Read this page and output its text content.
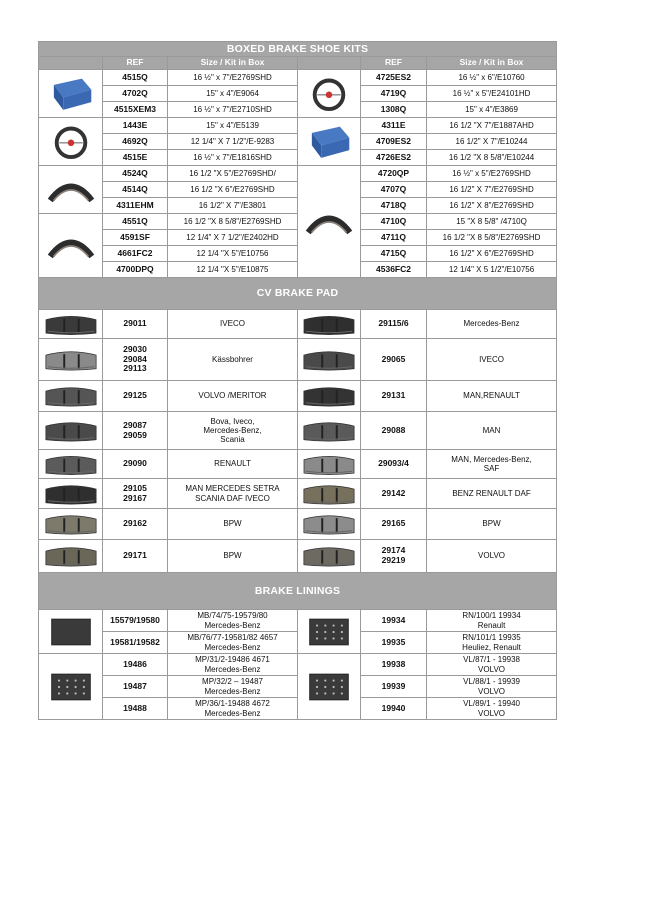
BOXED BRAKE SHOE KITS					
	REF	Size / Kit in Box		REF	Size / Kit in Box

	4515Q	16 ½" x 7"/E2769SHD		4725ES2	16 ½" x 6"/E10760
	4702Q	15" x 4"/E9064		4719Q	16 ½" x 5"/E24101HD
	4515XEM3	16 ½" x 7"/E2710SHD		1308Q	15" x 4"/E3869

	1443E	15" x 4"/E5139		4311E	16 1/2 "X 7"/E1887AHD
	4692Q	12 1/4" X 7 1/2"/E-9283		4709ES2	16 1/2" X 7"/E10244
	4515E	16 ½" x 7"/E1816SHD		4726ES2	16 1/2 "X 8 5/8"/E10244

	4524Q	16 1/2 "X 5"/E2769SHD/		4720QP	16 ½" x 5"/E2769SHD
	4514Q	16 1/2 "X 6"/E2769SHD		4707Q	16 1/2" X 7"/E2769SHD
	4311EHM	16 1/2" X 7"/E3801		4718Q	16 1/2" X 8"/E2769SHD

	4551Q	16 1/2 "X 8 5/8"/E2769SHD		4710Q	15 "X 8 5/8" /4710Q
	4591SF	12 1/4" X 7 1/2"/E2402HD		4711Q	16 1/2 "X 8 5/8"/E2769SHD
	4661FC2	12 1/4 "X 5"/E10756		4715Q	16 1/2" X 6"/E2769SHD
	4700DPQ	12 1/4 "X 5"/E10875		4536FC2	12 1/4" X 5 1/2"/E10756
CV BRAKE PAD					

	29011	IVECO		29115/6	Mercedes-Benz

	29030
29084
29113	Kässbohrer		29065	IVECO

	29125	VOLVO /MERITOR		29131	MAN,RENAULT

	29087
29059	Bova, Iveco,
Mercedes-Benz,
Scania		29088	MAN

	29090	RENAULT		29093/4	MAN, Mercedes-Benz,
SAF

	29105
29167	MAN MERCEDES SETRA
SCANIA DAF IVECO		29142	BENZ RENAULT DAF

	29162	BPW		29165	BPW

	29171	BPW		29174
29219	VOLVO
BRAKE LININGS					

	15579/19580	MB/74/75-19579/80
Mercedes-Benz		19934	RN/100/1 19934
Renault
	19581/19582	MB/76/77-19581/82 4657
Mercedes-Benz		19935	RN/101/1 19935
Heuliez, Renault

	19486	MP/31/2-19486 4671
Mercedes-Benz		19938	VL/87/1 - 19938
VOLVO
	19487	MP/32/2 – 19487
Mercedes-Benz		19939	VL/88/1 - 19939
VOLVO
	19488	MP/36/1-19488 4672
Mercedes-Benz		19940	VL/89/1 - 19940
VOLVO
